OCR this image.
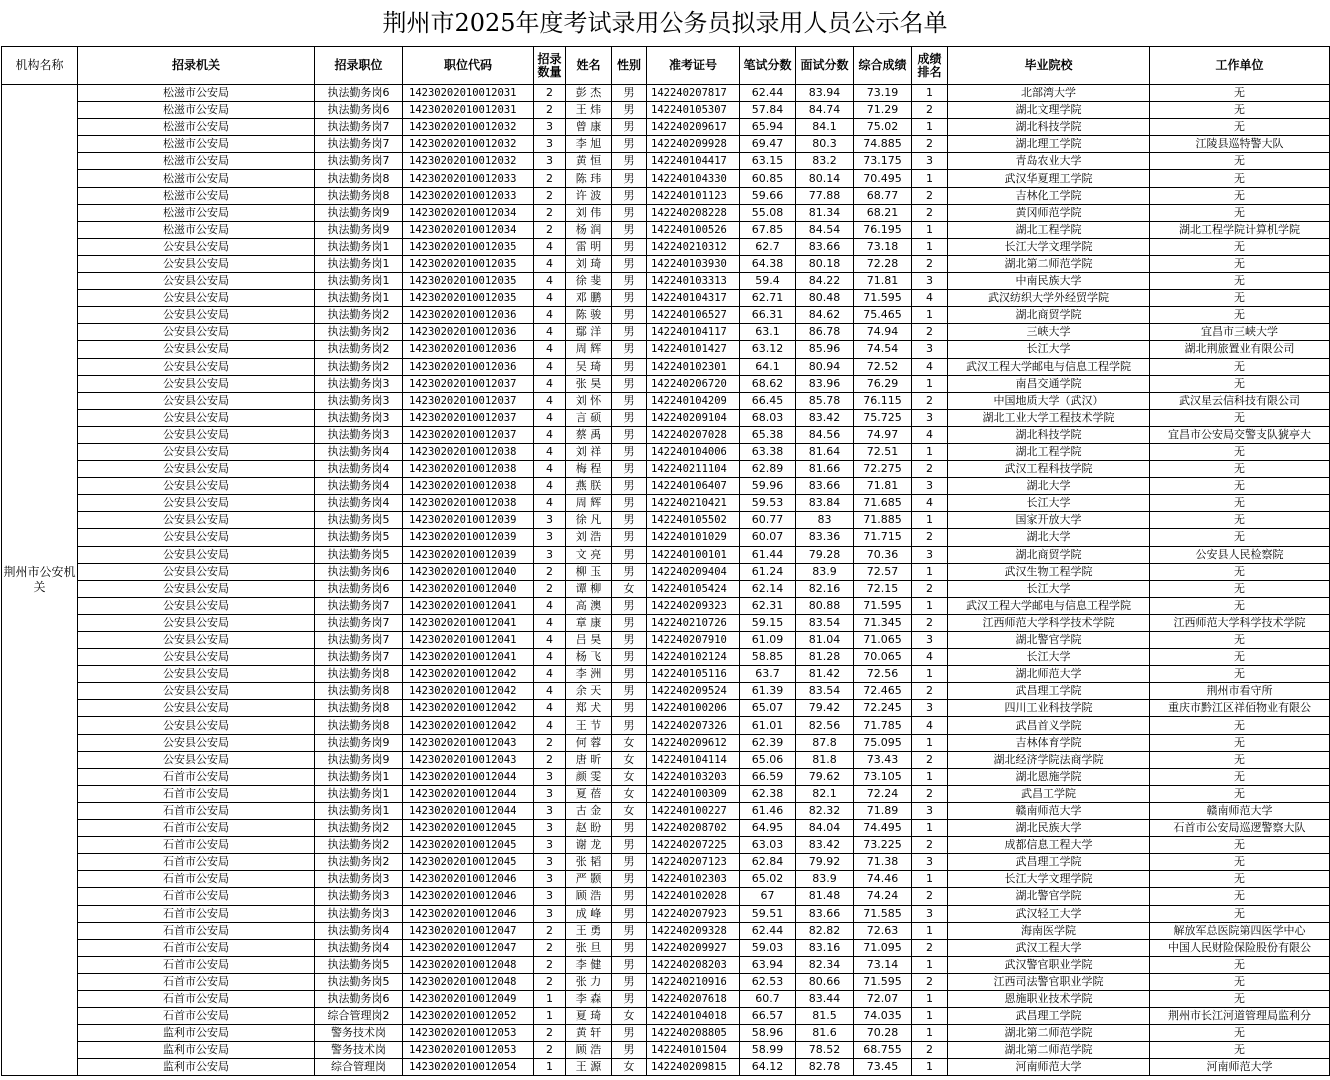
荆州市2025年度考试录用公务员拟录用人员公示名单
机构名称	招录机关	招录职位	职位代码	招录数量	姓名	性别	准考证号	笔试分数	面试分数	综合成绩	成绩排名	毕业院校	工作单位
荆州市公安机关	松滋市公安局	执法勤务岗6	14230202010012031	2	彭 杰	男	142240207817	62.44	83.94	73.19	1	北部湾大学	无
	松滋市公安局	执法勤务岗6	14230202010012031	2	王 炜	男	142240105307	57.84	84.74	71.29	2	湖北文理学院	无
	松滋市公安局	执法勤务岗7	14230202010012032	3	曾 康	男	142240209617	65.94	84.1	75.02	1	湖北科技学院	无
	松滋市公安局	执法勤务岗7	14230202010012032	3	李 旭	男	142240209928	69.47	80.3	74.885	2	湖北理工学院	江陵县巡特警大队
	松滋市公安局	执法勤务岗7	14230202010012032	3	黄 恒	男	142240104417	63.15	83.2	73.175	3	青岛农业大学	无
	松滋市公安局	执法勤务岗8	14230202010012033	2	陈 玮	男	142240104330	60.85	80.14	70.495	1	武汉华夏理工学院	无
	松滋市公安局	执法勤务岗8	14230202010012033	2	许 波	男	142240101123	59.66	77.88	68.77	2	吉林化工学院	无
	松滋市公安局	执法勤务岗9	14230202010012034	2	刘 伟	男	142240208228	55.08	81.34	68.21	2	黄冈师范学院	无
	松滋市公安局	执法勤务岗9	14230202010012034	2	杨 润	男	142240100526	67.85	84.54	76.195	1	湖北工程学院	湖北工程学院计算机学院
	公安县公安局	执法勤务岗1	14230202010012035	4	雷 明	男	142240210312	62.7	83.66	73.18	1	长江大学文理学院	无
	公安县公安局	执法勤务岗1	14230202010012035	4	刘 琦	男	142240103930	64.38	80.18	72.28	2	湖北第二师范学院	无
	公安县公安局	执法勤务岗1	14230202010012035	4	徐 斐	男	142240103313	59.4	84.22	71.81	3	中南民族大学	无
	公安县公安局	执法勤务岗1	14230202010012035	4	邓 鹏	男	142240104317	62.71	80.48	71.595	4	武汉纺织大学外经贸学院	无
	公安县公安局	执法勤务岗2	14230202010012036	4	陈 骏	男	142240106527	66.31	84.62	75.465	1	湖北商贸学院	无
	公安县公安局	执法勤务岗2	14230202010012036	4	鄢 洋	男	142240104117	63.1	86.78	74.94	2	三峡大学	宜昌市三峡大学
	公安县公安局	执法勤务岗2	14230202010012036	4	周 辉	男	142240101427	63.12	85.96	74.54	3	长江大学	湖北荆旅置业有限公司
	公安县公安局	执法勤务岗2	14230202010012036	4	吴 琦	男	142240102301	64.1	80.94	72.52	4	武汉工程大学邮电与信息工程学院	无
	公安县公安局	执法勤务岗3	14230202010012037	4	张 昊	男	142240206720	68.62	83.96	76.29	1	南昌交通学院	无
	公安县公安局	执法勤务岗3	14230202010012037	4	刘 怀	男	142240104209	66.45	85.78	76.115	2	中国地质大学（武汉）	武汉星云信科技有限公司
	公安县公安局	执法勤务岗3	14230202010012037	4	言 硕	男	142240209104	68.03	83.42	75.725	3	湖北工业大学工程技术学院	无
	公安县公安局	执法勤务岗3	14230202010012037	4	蔡 禹	男	142240207028	65.38	84.56	74.97	4	湖北科技学院	宜昌市公安局交警支队猇亭大
	公安县公安局	执法勤务岗4	14230202010012038	4	刘 祥	男	142240104006	63.38	81.64	72.51	1	湖北工程学院	无
	公安县公安局	执法勤务岗4	14230202010012038	4	梅 程	男	142240211104	62.89	81.66	72.275	2	武汉工程科技学院	无
	公安县公安局	执法勤务岗4	14230202010012038	4	燕 朕	男	142240106407	59.96	83.66	71.81	3	湖北大学	无
	公安县公安局	执法勤务岗4	14230202010012038	4	周 辉	男	142240210421	59.53	83.84	71.685	4	长江大学	无
	公安县公安局	执法勤务岗5	14230202010012039	3	徐 凡	男	142240105502	60.77	83	71.885	1	国家开放大学	无
	公安县公安局	执法勤务岗5	14230202010012039	3	刘 浩	男	142240101029	60.07	83.36	71.715	2	湖北大学	无
	公安县公安局	执法勤务岗5	14230202010012039	3	文 亮	男	142240100101	61.44	79.28	70.36	3	湖北商贸学院	公安县人民检察院
	公安县公安局	执法勤务岗6	14230202010012040	2	柳 玉	男	142240209404	61.24	83.9	72.57	1	武汉生物工程学院	无
	公安县公安局	执法勤务岗6	14230202010012040	2	谭 柳	女	142240105424	62.14	82.16	72.15	2	长江大学	无
	公安县公安局	执法勤务岗7	14230202010012041	4	高 澳	男	142240209323	62.31	80.88	71.595	1	武汉工程大学邮电与信息工程学院	无
	公安县公安局	执法勤务岗7	14230202010012041	4	章 康	男	142240210726	59.15	83.54	71.345	2	江西师范大学科学技术学院	江西师范大学科学技术学院
	公安县公安局	执法勤务岗7	14230202010012041	4	吕 昊	男	142240207910	61.09	81.04	71.065	3	湖北警官学院	无
	公安县公安局	执法勤务岗7	14230202010012041	4	杨 飞	男	142240102124	58.85	81.28	70.065	4	长江大学	无
	公安县公安局	执法勤务岗8	14230202010012042	4	李 洲	男	142240105116	63.7	81.42	72.56	1	湖北师范大学	无
	公安县公安局	执法勤务岗8	14230202010012042	4	余 天	男	142240209524	61.39	83.54	72.465	2	武昌理工学院	荆州市看守所
	公安县公安局	执法勤务岗8	14230202010012042	4	郑 犬	男	142240100206	65.07	79.42	72.245	3	四川工业科技学院	重庆市黔江区祥佰物业有限公
	公安县公安局	执法勤务岗8	14230202010012042	4	王 节	男	142240207326	61.01	82.56	71.785	4	武昌首义学院	无
	公安县公安局	执法勤务岗9	14230202010012043	2	何 蓉	女	142240209612	62.39	87.8	75.095	1	吉林体育学院	无
	公安县公安局	执法勤务岗9	14230202010012043	2	唐 昕	女	142240104114	65.06	81.8	73.43	2	湖北经济学院法商学院	无
	石首市公安局	执法勤务岗1	14230202010012044	3	颜 雯	女	142240103203	66.59	79.62	73.105	1	湖北恩施学院	无
	石首市公安局	执法勤务岗1	14230202010012044	3	夏 蓓	女	142240100309	62.38	82.1	72.24	2	武昌工学院	无
	石首市公安局	执法勤务岗1	14230202010012044	3	古 金	女	142240100227	61.46	82.32	71.89	3	赣南师范大学	赣南师范大学
	石首市公安局	执法勤务岗2	14230202010012045	3	赵 盼	男	142240208702	64.95	84.04	74.495	1	湖北民族大学	石首市公安局巡逻警察大队
	石首市公安局	执法勤务岗2	14230202010012045	3	谢 龙	男	142240207225	63.03	83.42	73.225	2	成都信息工程大学	无
	石首市公安局	执法勤务岗2	14230202010012045	3	张 韬	男	142240207123	62.84	79.92	71.38	3	武昌理工学院	无
	石首市公安局	执法勤务岗3	14230202010012046	3	严 颢	男	142240102303	65.02	83.9	74.46	1	长江大学文理学院	无
	石首市公安局	执法勤务岗3	14230202010012046	3	顾 浩	男	142240102028	67	81.48	74.24	2	湖北警官学院	无
	石首市公安局	执法勤务岗3	14230202010012046	3	成 峰	男	142240207923	59.51	83.66	71.585	3	武汉轻工大学	无
	石首市公安局	执法勤务岗4	14230202010012047	2	王 勇	男	142240209328	62.44	82.82	72.63	1	海南医学院	解放军总医院第四医学中心
	石首市公安局	执法勤务岗4	14230202010012047	2	张 旦	男	142240209927	59.03	83.16	71.095	2	武汉工程大学	中国人民财险保险股份有限公
	石首市公安局	执法勤务岗5	14230202010012048	2	李 健	男	142240208203	63.94	82.34	73.14	1	武汉警官职业学院	无
	石首市公安局	执法勤务岗5	14230202010012048	2	张 力	男	142240210916	62.53	80.66	71.595	2	江西司法警官职业学院	无
	石首市公安局	执法勤务岗6	14230202010012049	1	李 森	男	142240207618	60.7	83.44	72.07	1	恩施职业技术学院	无
	石首市公安局	综合管理岗2	14230202010012052	1	夏 琦	女	142240104018	66.57	81.5	74.035	1	武昌理工学院	荆州市长江河道管理局监利分
	监利市公安局	警务技术岗	14230202010012053	2	黄 轩	男	142240208805	58.96	81.6	70.28	1	湖北第二师范学院	无
	监利市公安局	警务技术岗	14230202010012053	2	顾 浩	男	142240101504	58.99	78.52	68.755	2	湖北第二师范学院	无
	监利市公安局	综合管理岗	14230202010012054	1	王 源	女	142240209815	64.12	82.78	73.45	1	河南师范大学	河南师范大学
